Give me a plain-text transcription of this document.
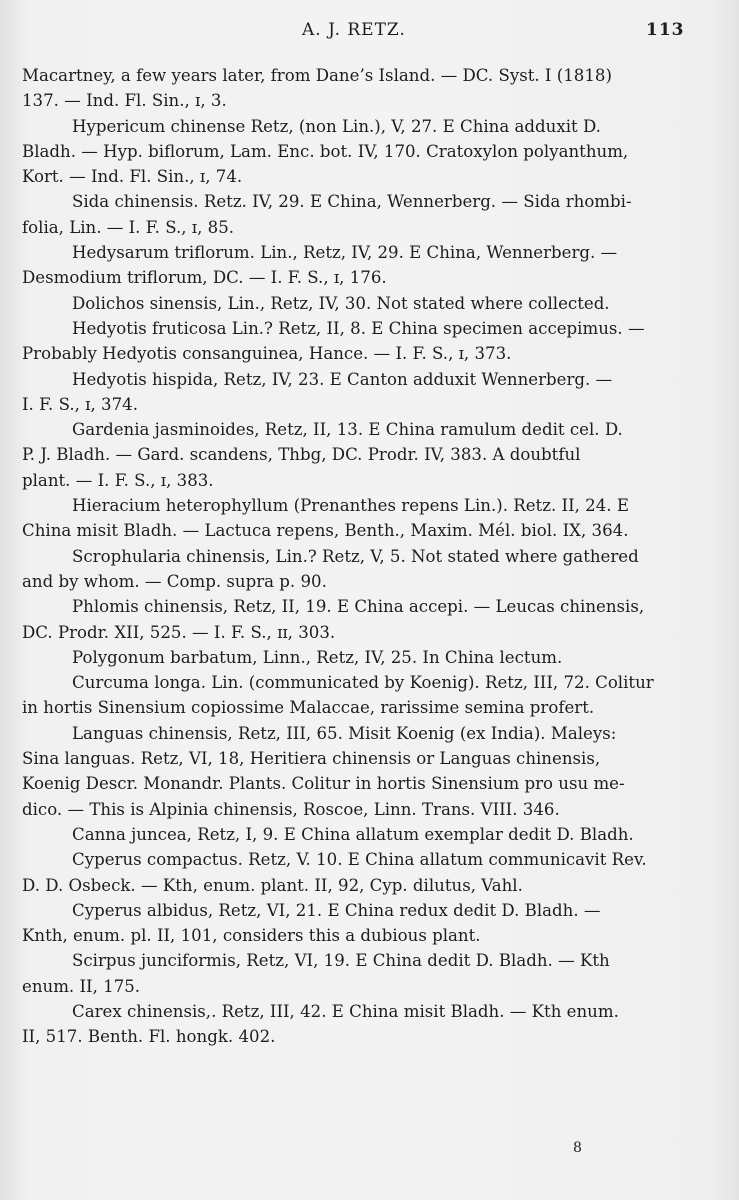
A. J. RETZ.	113
Macartney, a few years later, from Dane’s Island. — DC. Syst. I (1818)
137. — Ind. Fl. Sin., ɪ, 3.
Hypericum chinense Retz, (non Lin.), V, 27. E China adduxit D.
Bladh. — Hyp. biflorum, Lam. Enc. bot. IV, 170. Cratoxylon polyanthum,
Kort. — Ind. Fl. Sin., ɪ, 74.
Sida chinensis. Retz. IV, 29. E China, Wennerberg. — Sida rhombi-
folia, Lin. — I. F. S., ɪ, 85.
Hedysarum triflorum. Lin., Retz, IV, 29. E China, Wennerberg. —
Desmodium triflorum, DC. — I. F. S., ɪ, 176.
Dolichos sinensis, Lin., Retz, IV, 30. Not stated where collected.
Hedyotis fruticosa Lin.? Retz, II, 8. E China specimen accepimus. —
Probably Hedyotis consanguinea, Hance. — I. F. S., ɪ, 373.
Hedyotis hispida, Retz, IV, 23. E Canton adduxit Wennerberg. —
I. F. S., ɪ, 374.
Gardenia jasminoides, Retz, II, 13. E China ramulum dedit cel. D.
P. J. Bladh. — Gard. scandens, Thbg, DC. Prodr. IV, 383. A doubtful
plant. — I. F. S., ɪ, 383.
Hieracium heterophyllum (Prenanthes repens Lin.). Retz. II, 24. E
China misit Bladh. — Lactuca repens, Benth., Maxim. Mél. biol. IX, 364.
Scrophularia chinensis, Lin.? Retz, V, 5. Not stated where gathered
and by whom. — Comp. supra p. 90.
Phlomis chinensis, Retz, II, 19. E China accepi. — Leucas chinensis,
DC. Prodr. XII, 525. — I. F. S., ɪɪ, 303.
Polygonum barbatum, Linn., Retz, IV, 25. In China lectum.
Curcuma longa. Lin. (communicated by Koenig). Retz, III, 72. Colitur
in hortis Sinensium copiossime Malaccae, rarissime semina profert.
Languas chinensis, Retz, III, 65. Misit Koenig (ex India). Maleys:
Sina languas. Retz, VI, 18, Heritiera chinensis or Languas chinensis,
Koenig Descr. Monandr. Plants. Colitur in hortis Sinensium pro usu me-
dico. — This is Alpinia chinensis, Roscoe, Linn. Trans. VIII. 346.
Canna juncea, Retz, I, 9. E China allatum exemplar dedit D. Bladh.
Cyperus compactus. Retz, V. 10. E China allatum communicavit Rev.
D. D. Osbeck. — Kth, enum. plant. II, 92, Cyp. dilutus, Vahl.
Cyperus albidus, Retz, VI, 21. E China redux dedit D. Bladh. —
Knth, enum. pl. II, 101, considers this a dubious plant.
Scirpus junciformis, Retz, VI, 19. E China dedit D. Bladh. — Kth
enum. II, 175.
Carex chinensis,. Retz, III, 42. E China misit Bladh. — Kth enum.
II, 517. Benth. Fl. hongk. 402.
8
